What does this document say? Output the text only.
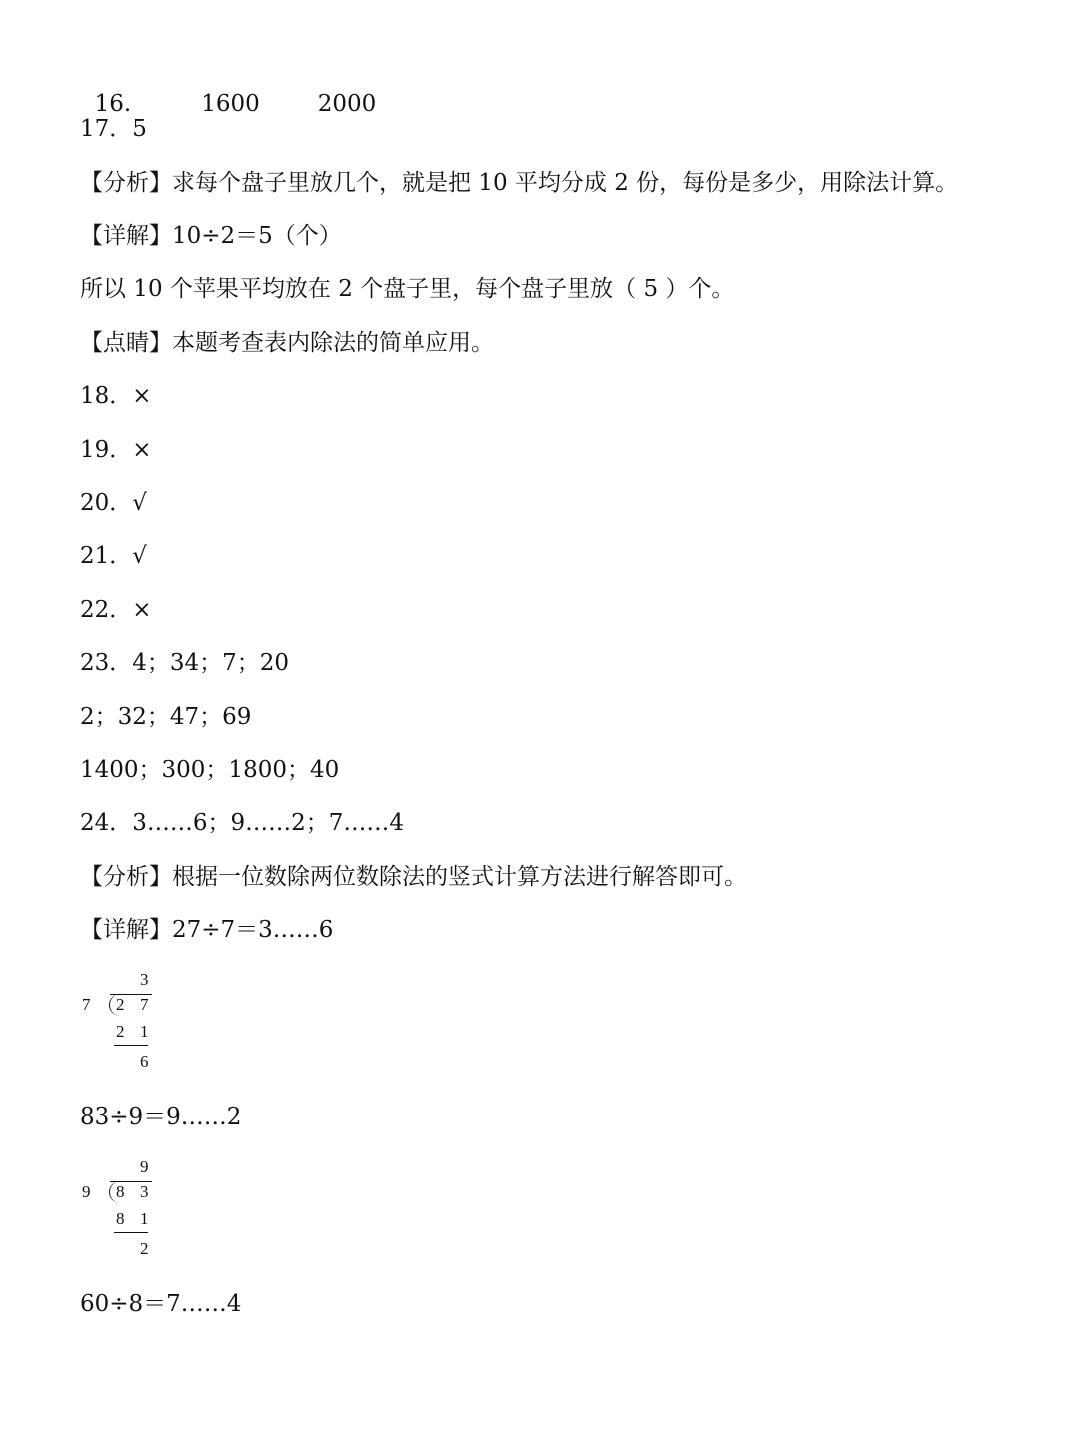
16.	1600	2000

17．5
【分析】求每个盘子里放几个，就是把 10 平均分成 2 份，每份是多少，用除法计算。
【详解】10÷2＝5（个）
所以 10 个苹果平均放在 2 个盘子里，每个盘子里放（ 5 ）个。
【点睛】本题考查表内除法的简单应用。
18．×
19．×
20．√
21．√
22．×
23．4；34；7；20
2；32；47；69
1400；300；1800；40
24．3……6；9……2；7……4
【分析】根据一位数除两位数除法的竖式计算方法进行解答即可。
【详解】27÷7＝3……6
3
7 2 7
2 1
6
83÷9＝9……2
9
9 8 3
8 1
2
60÷8＝7……4
